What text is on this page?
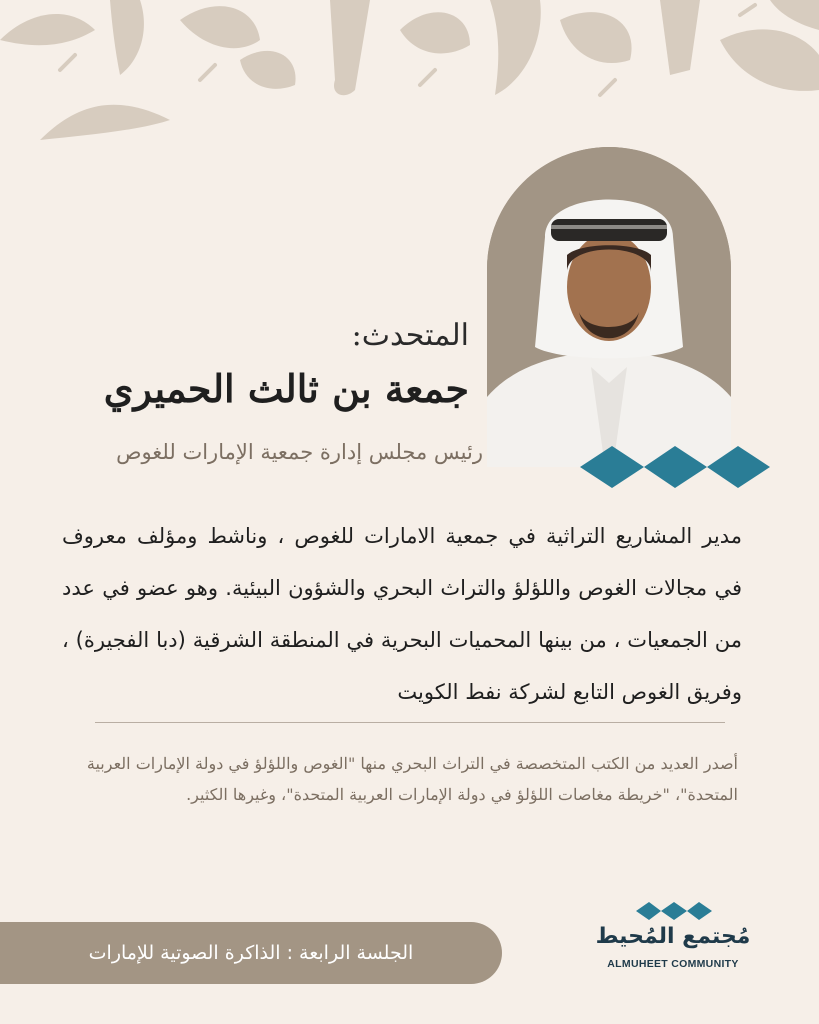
المتحدث:
جمعة بن ثالث الحميري
رئيس مجلس إدارة جمعية الإمارات للغوص
مدير المشاريع التراثية في جمعية الامارات للغوص ، وناشط ومؤلف معروف في مجالات الغوص واللؤلؤ والتراث البحري والشؤون البيئية. وهو عضو في عدد من الجمعيات ، من بينها المحميات البحرية في المنطقة الشرقية (دبا الفجيرة) ، وفريق الغوص التابع لشركة نفط الكويت
أصدر العديد من الكتب المتخصصة في التراث البحري منها "الغوص واللؤلؤ في دولة الإمارات العربية المتحدة"، "خريطة مغاصات اللؤلؤ في دولة الإمارات العربية المتحدة"، وغيرها الكثير.
الجلسة الرابعة : الذاكرة الصوتية للإمارات
مُجتمع المُحيط
ALMUHEET COMMUNITY
